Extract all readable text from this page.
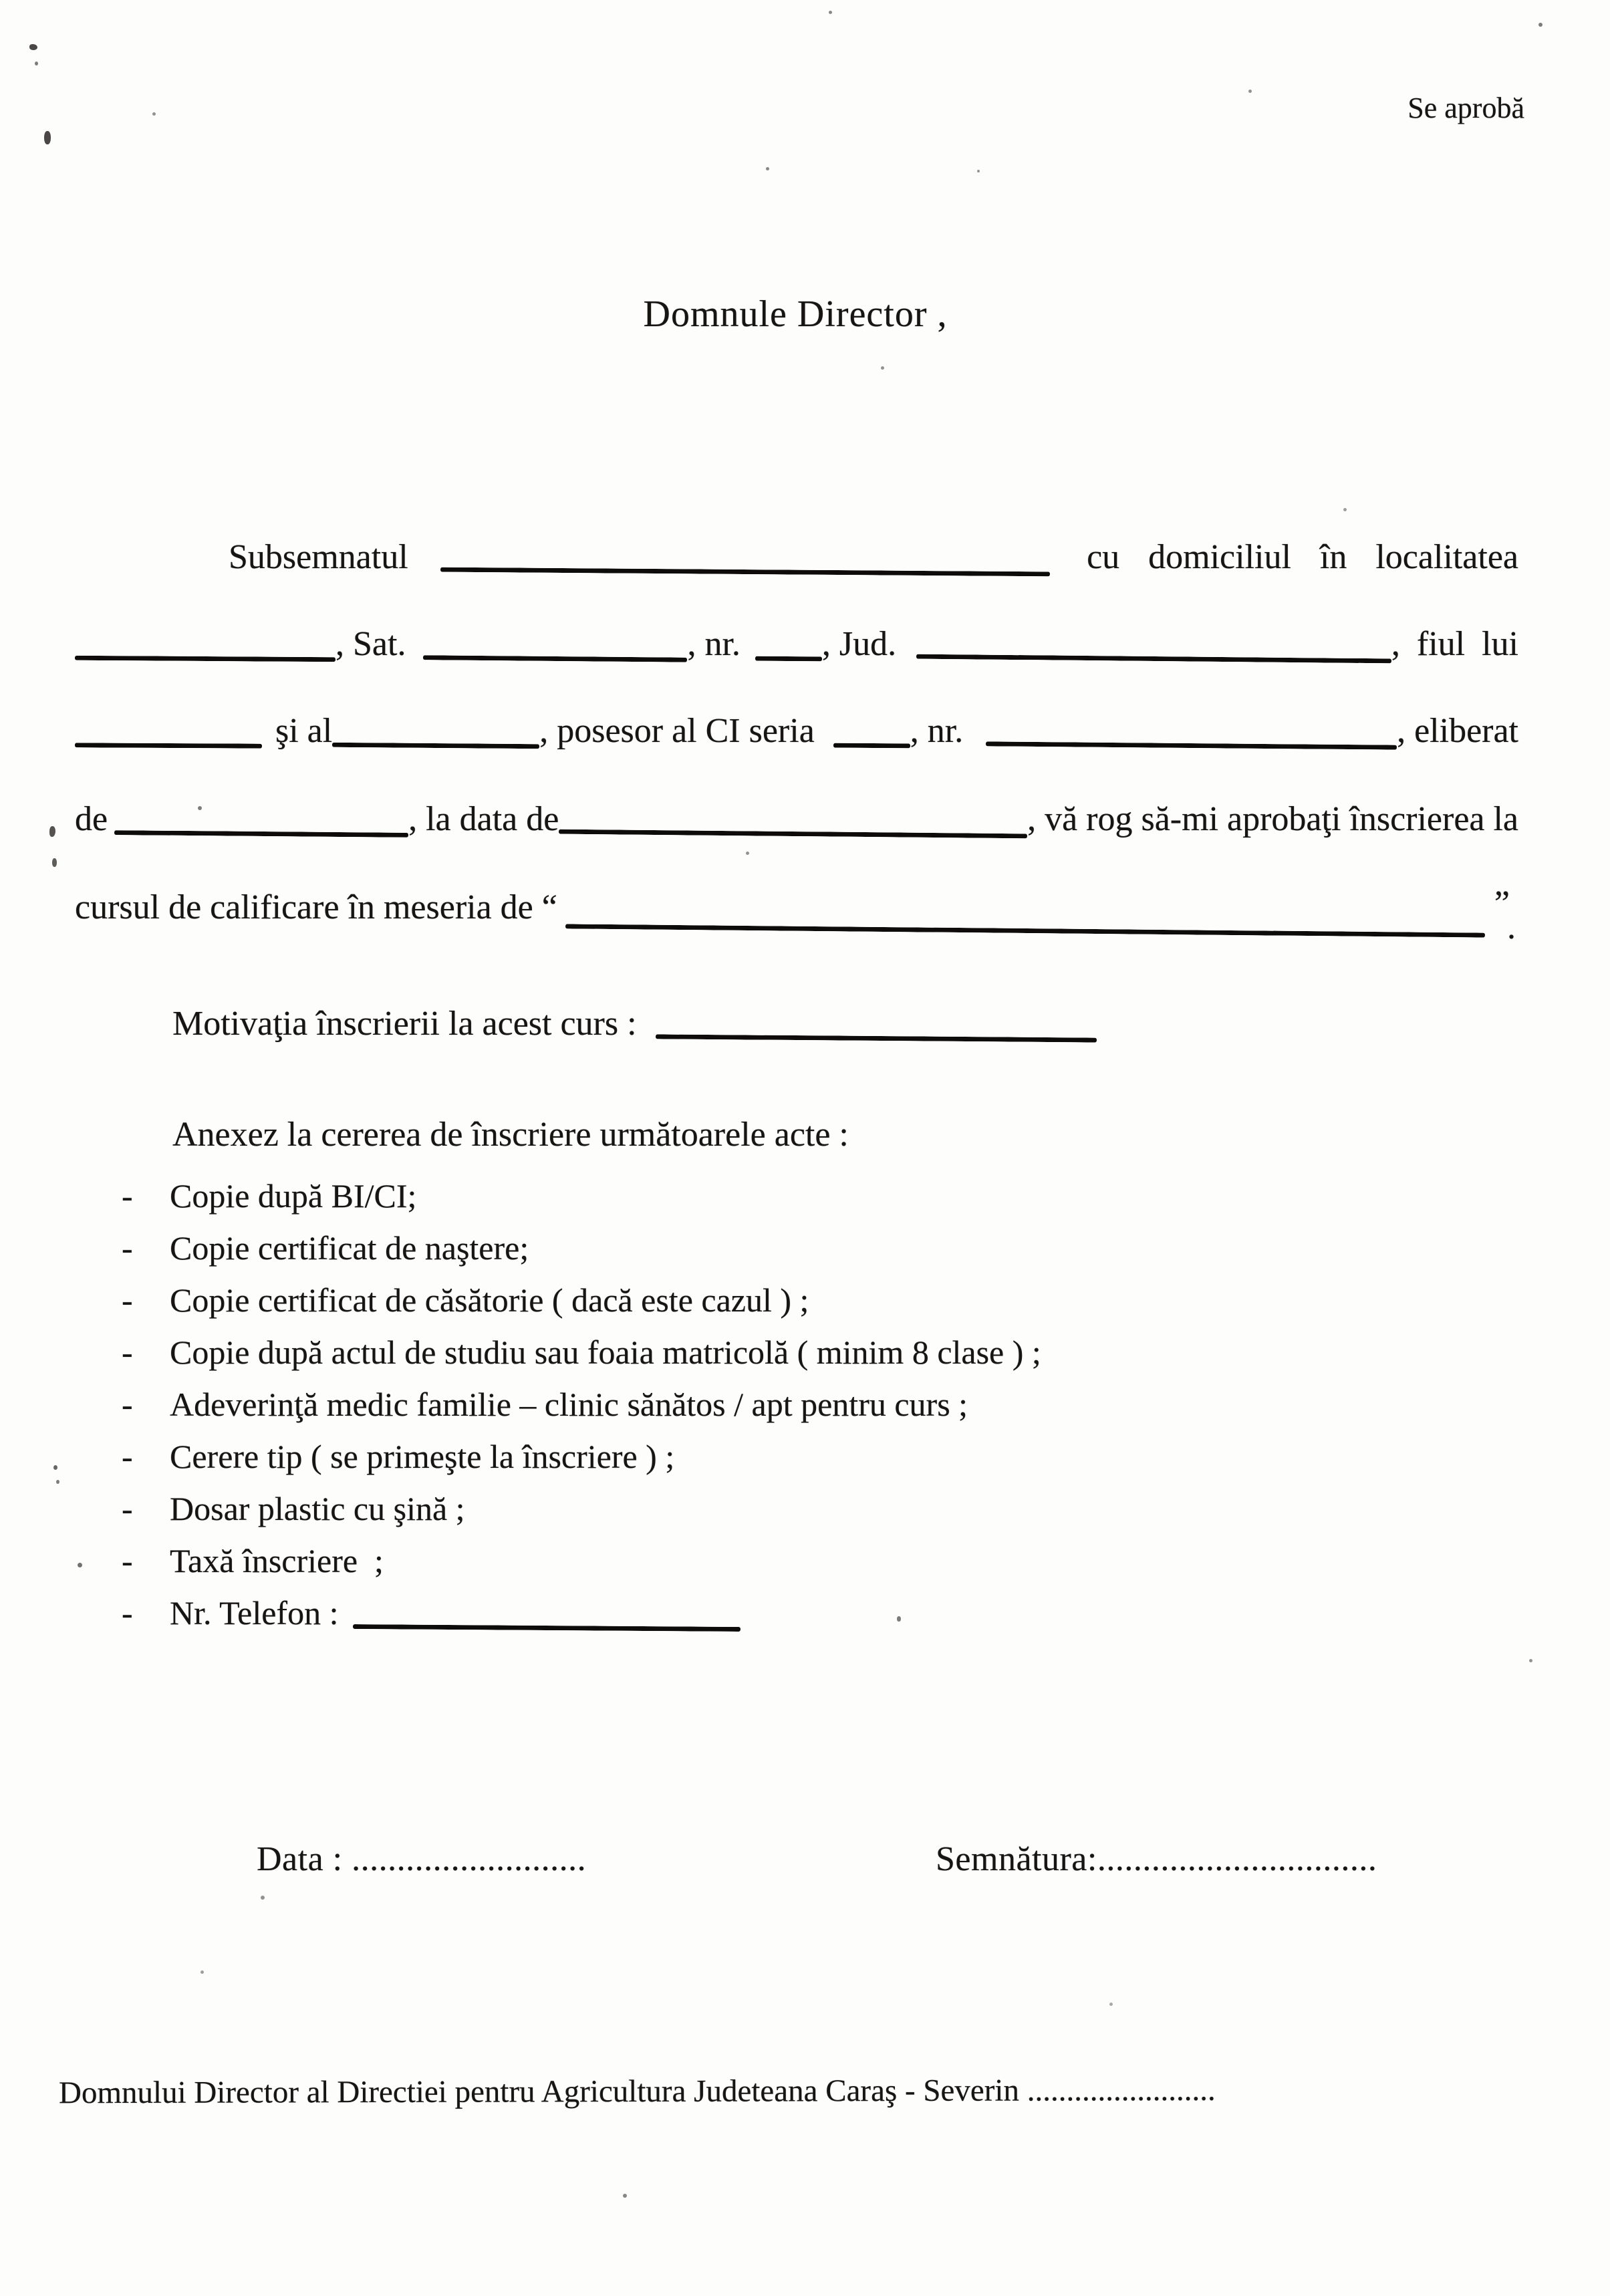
Se aprobă
Domnule Director ,
Subsemnatul	cu domiciliul în localitatea
, Sat.	, nr. , Jud.	, fiul lui
şi al	, posesor al CI seria	, nr.	, eliberat
de	, la data de	, vă rog să-mi aprobaţi înscrierea la
cursul de calificare în meseria de “	”
.
Motivaţia înscrierii la acest curs :
Anexez la cererea de înscriere următoarele acte :
-	Copie după BI/CI;
-	Copie certificat de naştere;
-	Copie certificat de căsătorie ( dacă este cazul ) ;
-	Copie după actul de studiu sau foaia matricolă ( minim 8 clase ) ;
-	Adeverinţă medic familie – clinic sănătos / apt pentru curs ;
-	Cerere tip ( se primeşte la înscriere ) ;
-	Dosar plastic cu şină ;
-	Taxă înscriere  ;
-	Nr. Telefon :
Data : ..........................	Semnătura:...............................
Domnului Director al Directiei pentru Agricultura Judeteana Caraş - Severin ........................
